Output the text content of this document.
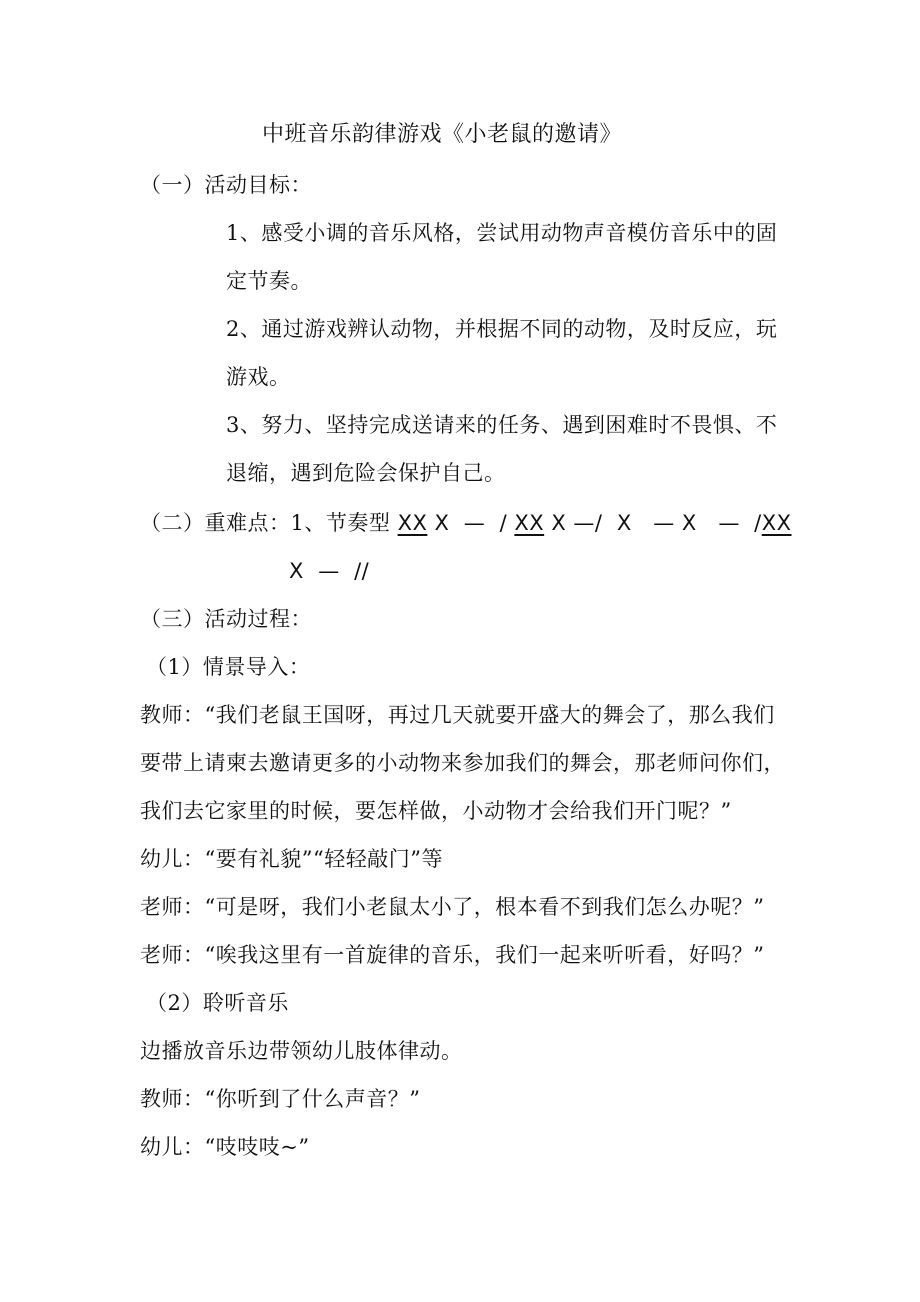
中班音乐韵律游戏《小老鼠的邀请》
（一）活动目标：
1、感受小调的音乐风格，尝试用动物声音模仿音乐中的固
定节奏。
2、通过游戏辨认动物，并根据不同的动物，及时反应，玩
游戏。
3、努力、坚持完成送请来的任务、遇到困难时不畏惧、不
退缩，遇到危险会保护自己。
（二）重难点：1、节奏型 XX X  —  / XX X —/  X   — X   —  /XX
X  —  //
（三）活动过程：
（1）情景导入：
教师：“我们老鼠王国呀，再过几天就要开盛大的舞会了，那么我们
要带上请柬去邀请更多的小动物来参加我们的舞会，那老师问你们，
我们去它家里的时候，要怎样做，小动物才会给我们开门呢？”
幼儿：“要有礼貌”“轻轻敲门”等
老师：“可是呀，我们小老鼠太小了，根本看不到我们怎么办呢？”
老师：“唉我这里有一首旋律的音乐，我们一起来听听看，好吗？”
（2）聆听音乐
边播放音乐边带领幼儿肢体律动。
教师：“你听到了什么声音？”
幼儿：“吱吱吱~”
